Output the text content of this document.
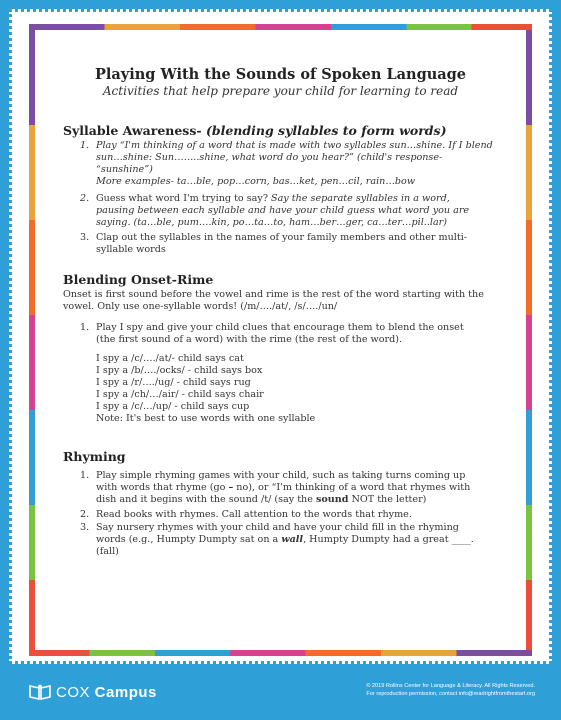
Playing With the Sounds of Spoken Language
Activities that help prepare your child for learning to read
Syllable Awareness- (blending syllables to form words)
1. Play “I'm thinking of a word that is made with two syllables sun…shine. If I blend
sun…shine: Sun……..shine, what word do you hear?” (child's response-
“sunshine”)
More examples- ta…ble, pop…corn, bas…ket, pen…cil, rain…bow
2. Guess what word I'm trying to say? Say the separate syllables in a word,
pausing between each syllable and have your child guess what word you are
saying. (ta…ble, pum….kin, po…ta…to, ham…ber…ger, ca…ter…pil..lar)
3. Clap out the syllables in the names of your family members and other multi-
syllable words
Blending Onset-Rime
Onset is first sound before the vowel and rime is the rest of the word starting with the
vowel. Only use one-syllable words! (/m/…./at/, /s/…./un/
1. Play I spy and give your child clues that encourage them to blend the onset
(the first sound of a word) with the rime (the rest of the word).
I spy a /c/…./at/- child says cat
I spy a /b/…./ocks/ - child says box
I spy a /r/…./ug/ - child says rug
I spy a /ch/…/air/ - child says chair
I spy a /c/…/up/ - child says cup
Note: It's best to use words with one syllable
Rhyming
1. Play simple rhyming games with your child, such as taking turns coming up
with words that rhyme (go – no), or “I'm thinking of a word that rhymes with
dish and it begins with the sound /t/ (say the sound NOT the letter)
2. Read books with rhymes. Call attention to the words that rhyme.
3. Say nursery rhymes with your child and have your child fill in the rhyming
words (e.g., Humpty Dumpty sat on a wall, Humpty Dumpty had a great ____.
(fall)
COX Campus	© 2019 Rollins Center for Language & Literacy. All Rights Reserved.
For reproduction permission, contact info@readrightfromthestart.org
